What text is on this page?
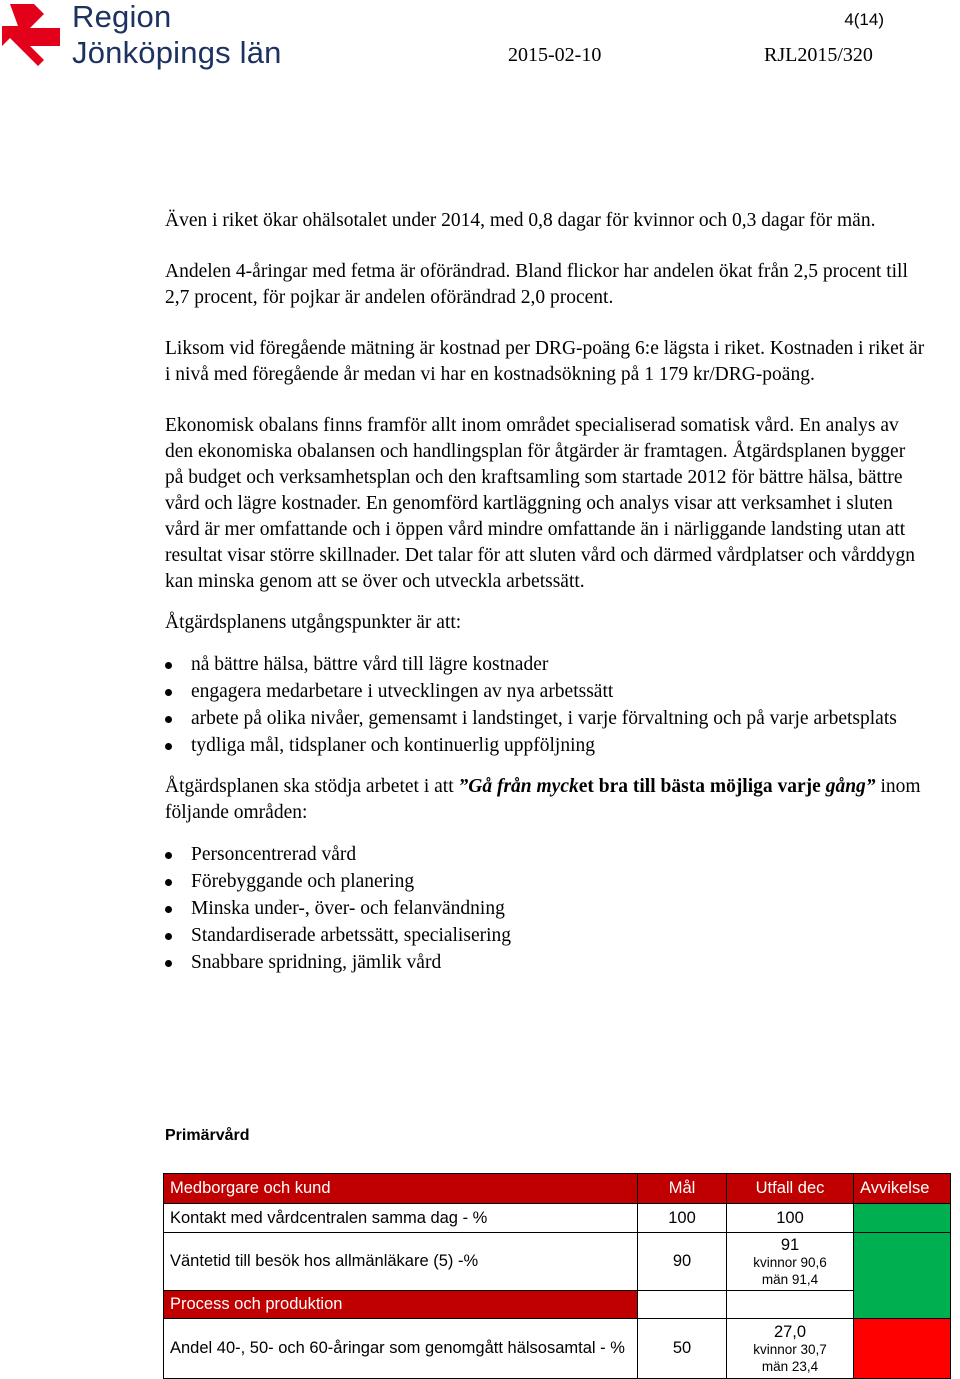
Region
Jönköpings län
4(14)
2015-02-10	RJL2015/320

Även i riket ökar ohälsotalet under 2014, med 0,8 dagar för kvinnor och 0,3 dagar för män.

Andelen 4-åringar med fetma är oförändrad. Bland flickor har andelen ökat från 2,5 procent till 2,7 procent, för pojkar är andelen oförändrad 2,0 procent.

Liksom vid föregående mätning är kostnad per DRG-poäng 6:e lägsta i riket. Kostnaden i riket är i nivå med föregående år medan vi har en kostnadsökning på 1 179 kr/DRG-poäng.

Ekonomisk obalans finns framför allt inom området specialiserad somatisk vård. En analys av den ekonomiska obalansen och handlingsplan för åtgärder är framtagen. Åtgärdsplanen bygger på budget och verksamhetsplan och den kraftsamling som startade 2012 för bättre hälsa, bättre vård och lägre kostnader. En genomförd kartläggning och analys visar att verksamhet i sluten vård är mer omfattande och i öppen vård mindre omfattande än i närliggande landsting utan att resultat visar större skillnader. Det talar för att sluten vård och därmed vårdplatser och vårddygn kan minska genom att se över och utveckla arbetssätt.

Åtgärdsplanens utgångspunkter är att:

nå bättre hälsa, bättre vård till lägre kostnader
engagera medarbetare i utvecklingen av nya arbetssätt
arbete på olika nivåer, gemensamt i landstinget, i varje förvaltning och på varje arbetsplats
tydliga mål, tidsplaner och kontinuerlig uppföljning

Åtgärdsplanen ska stödja arbetet i att ”Gå från mycket bra till bästa möjliga varje gång” inom följande områden:

Personcentrerad vård
Förebyggande och planering
Minska under-, över- och felanvändning
Standardiserade arbetssätt, specialisering
Snabbare spridning, jämlik vård
Primärvård
Medborgare och kund	Mål	Utfall dec	Avvikelse
Kontakt med vårdcentralen samma dag - %	100	100	
Väntetid till besök hos allmänläkare (5) -%	90	91
kvinnor 90,6
män 91,4	

Process och produktion			
Andel 40-, 50- och 60-åringar som genomgått hälsosamtal - %	50	27,0
kvinnor 30,7
män 23,4	
